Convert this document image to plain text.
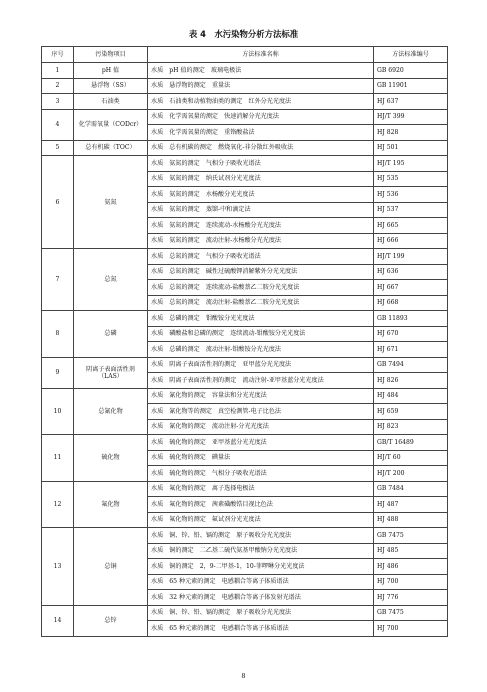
表 4　水污染物分析方法标准
序号	污染物项目	方法标准名称	方法标准编号
1	pH 值	水质　pH 值的测定　玻璃电极法	GB 6920
2	悬浮物（SS）	水质　悬浮物的测定　重量法	GB 11901
3	石油类	水质　石油类和动植物油类的测定　红外分光光度法	HJ 637
4	化学需氧量（CODcr）	水质　化学需氧量的测定　快速消解分光光度法	HJ/T 399
		水质　化学需氧量的测定　重铬酸盐法	HJ 828
5	总有机碳（TOC）	水质　总有机碳的测定　燃烧氧化-非分散红外吸收法	HJ 501
6	氨氮	水质　氨氮的测定　气相分子吸收光谱法	HJ/T 195
		水质　氨氮的测定　纳氏试剂分光光度法	HJ 535
		水质　氨氮的测定　水杨酸分光光度法	HJ 536
		水质　氨氮的测定　蒸馏-中和滴定法	HJ 537
		水质　氨氮的测定　连续流动-水杨酸分光光度法	HJ 665
		水质　氨氮的测定　流动注射-水杨酸分光光度法	HJ 666
7	总氮	水质　总氮的测定　气相分子吸收光谱法	HJ/T 199
		水质　总氮的测定　碱性过硫酸钾消解紫外分光光度法	HJ 636
		水质　总氮的测定　连续流动-盐酸萘乙二胺分光光度法	HJ 667
		水质　总氮的测定　流动注射-盐酸萘乙二胺分光光度法	HJ 668
8	总磷	水质　总磷的测定　钼酸铵分光光度法	GB 11893
		水质　磷酸盐和总磷的测定　连续流动-钼酸铵分光光度法	HJ 670
		水质　总磷的测定　流动注射-钼酸铵分光光度法	HJ 671
9	阴离子表面活性剂（LAS）	水质　阴离子表面活性剂的测定　亚甲蓝分光光度法	GB 7494
		水质　阴离子表面活性剂的测定　流动注射-亚甲基蓝分光光度法	HJ 826
10	总氰化物	水质　氰化物的测定　容量法和分光光度法	HJ 484
		水质　氰化物等的测定　真空检测管-电子比色法	HJ 659
		水质　氰化物的测定　流动注射-分光光度法	HJ 823
11	硫化物	水质　硫化物的测定　亚甲基蓝分光光度法	GB/T 16489
		水质　硫化物的测定　碘量法	HJ/T 60
		水质　硫化物的测定　气相分子吸收光谱法	HJ/T 200
12	氟化物	水质　氟化物的测定　离子选择电极法	GB 7484
		水质　氟化物的测定　茜素磺酸锆目视比色法	HJ 487
		水质　氟化物的测定　氟试剂分光光度法	HJ 488
13	总铜	水质　铜、锌、铅、镉的测定　原子吸收分光光度法	GB 7475
		水质　铜的测定　二乙基二硫代氨基甲酸钠分光光度法	HJ 485
		水质　铜的测定　2，9-二甲基-1，10-菲啰啉分光光度法	HJ 486
		水质　65 种元素的测定　电感耦合等离子体质谱法	HJ 700
		水质　32 种元素的测定　电感耦合等离子体发射光谱法	HJ 776
14	总锌	水质　铜、锌、铅、镉的测定　原子吸收分光光度法	GB 7475
		水质　65 种元素的测定　电感耦合等离子体质谱法	HJ 700
8
